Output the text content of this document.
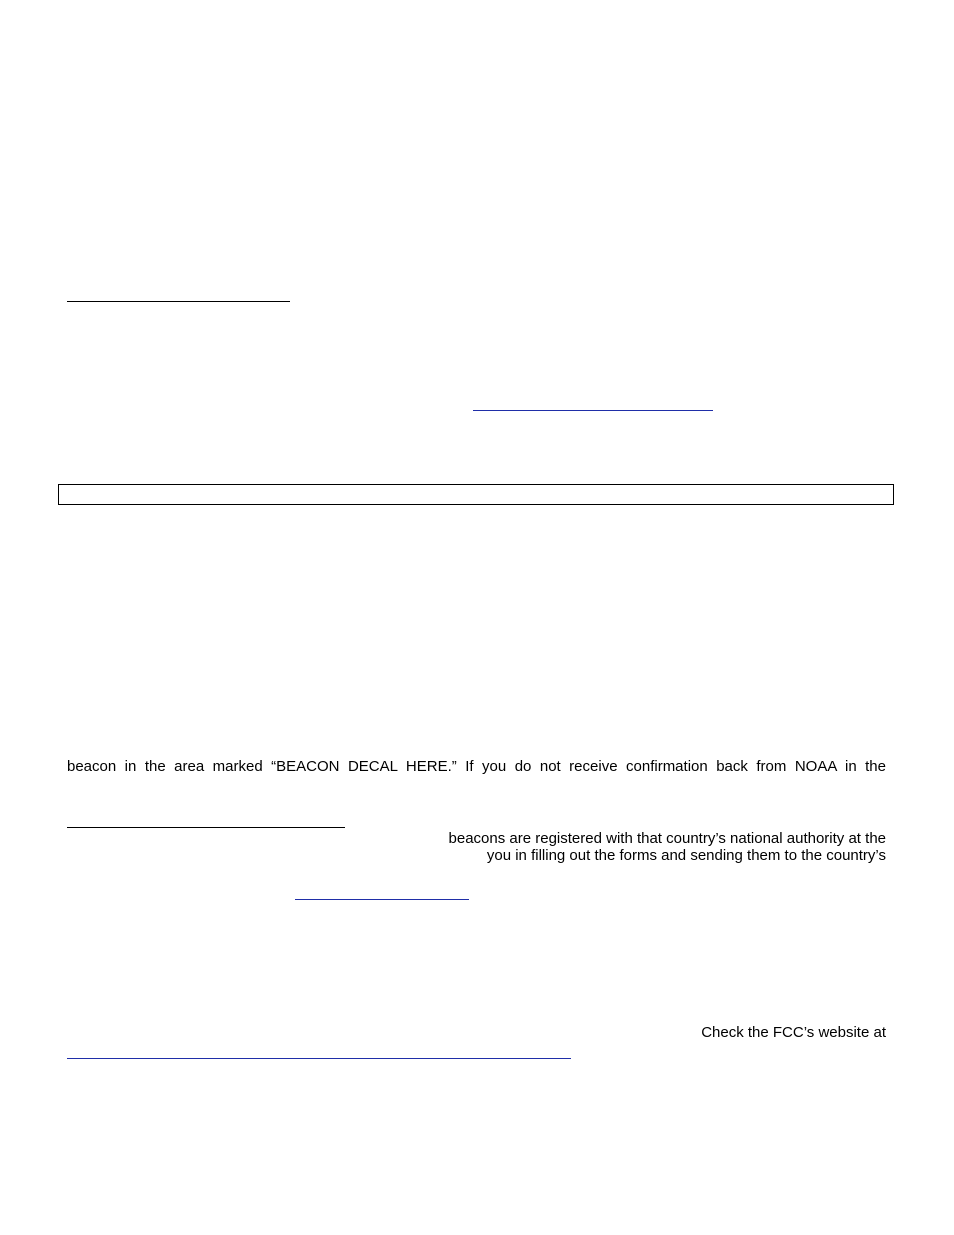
beacon in the area marked “BEACON DECAL HERE.” If you do not receive confirmation back from NOAA in the
beacons are registered with that country’s national authority at the
you in filling out the forms and sending them to the country’s
Check the FCC’s website at
